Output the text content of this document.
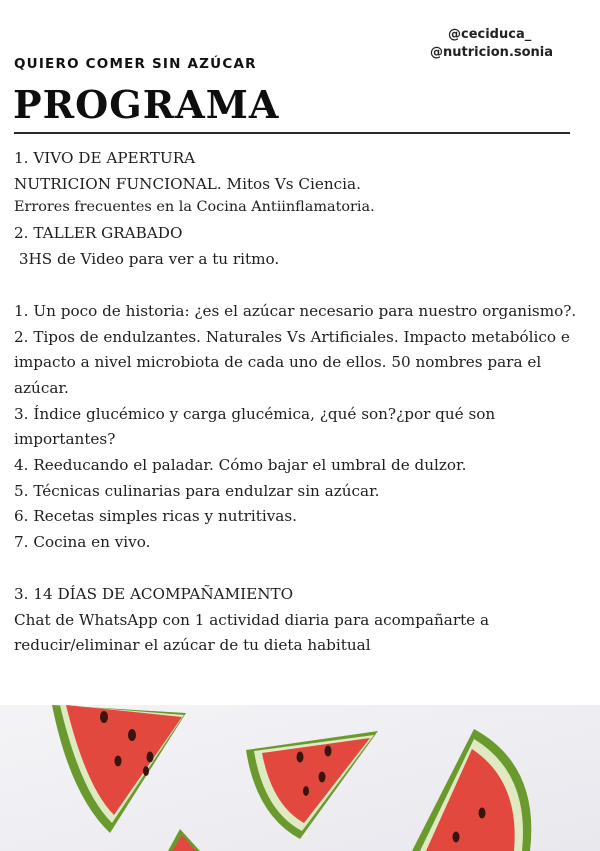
@ceciduca_
@nutricion.sonia
QUIERO COMER SIN AZÚCAR
PROGRAMA

1. VIVO DE APERTURA

NUTRICION FUNCIONAL. Mitos Vs Ciencia.

Errores frecuentes en la Cocina Antiinflamatoria.

2. TALLER GRABADO

3HS de Video para ver a tu ritmo.

1. Un poco de historia: ¿es el azúcar necesario para nuestro organismo?.

2. Tipos de endulzantes. Naturales Vs Artificiales. Impacto metabólico e impacto a nivel microbiota de cada uno de ellos. 50 nombres para el azúcar.

3. Índice glucémico y carga glucémica, ¿qué son?¿por qué son importantes?

4. Reeducando el paladar. Cómo bajar el umbral de dulzor.

5. Técnicas culinarias para endulzar sin azúcar.

6. Recetas simples ricas y nutritivas.

7. Cocina en vivo.

3. 14 DÍAS DE ACOMPAÑAMIENTO

Chat de WhatsApp con 1 actividad diaria para acompañarte a reducir/eliminar el azúcar de tu dieta habitual
